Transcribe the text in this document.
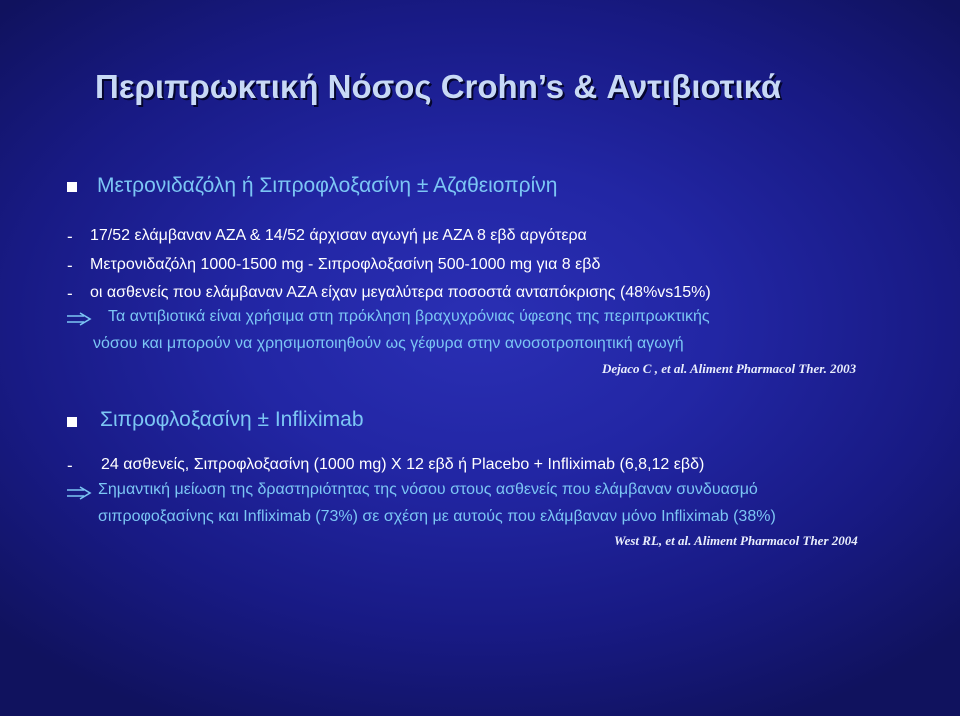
Περιπρωκτική Νόσος Crohn’s & Αντιβιοτικά
Μετρονιδαζόλη ή Σιπροφλοξασίνη ± Αζαθειοπρίνη
- 17/52 ελάμβαναν ΑΖΑ & 14/52 άρχισαν αγωγή με ΑΖΑ 8 εβδ αργότερα
- Μετρονιδαζόλη 1000-1500 mg - Σιπροφλοξασίνη 500-1000 mg για 8 εβδ
- οι ασθενείς που ελάμβαναν ΑΖΑ είχαν μεγαλύτερα ποσοστά ανταπόκρισης (48%vs15%)
Τα αντιβιοτικά είναι χρήσιμα στη πρόκληση βραχυχρόνιας ύφεσης της περιπρωκτικής
νόσου και μπορούν να χρησιμοποιηθούν ως γέφυρα στην ανοσοτροποιητική αγωγή
Dejaco C , et al. Aliment Pharmacol Ther. 2003
Σιπροφλοξασίνη ± Infliximab
- 24 ασθενείς, Σιπροφλοξασίνη (1000 mg) Χ 12 εβδ ή Placebo + Infliximab (6,8,12 εβδ)
Σημαντική μείωση της δραστηριότητας της νόσου στους ασθενείς που ελάμβαναν συνδυασμό
σιπροφοξασίνης και Infliximab (73%) σε σχέση με αυτούς που ελάμβαναν μόνο Infliximab (38%)
West RL, et al. Aliment Pharmacol Ther 2004
